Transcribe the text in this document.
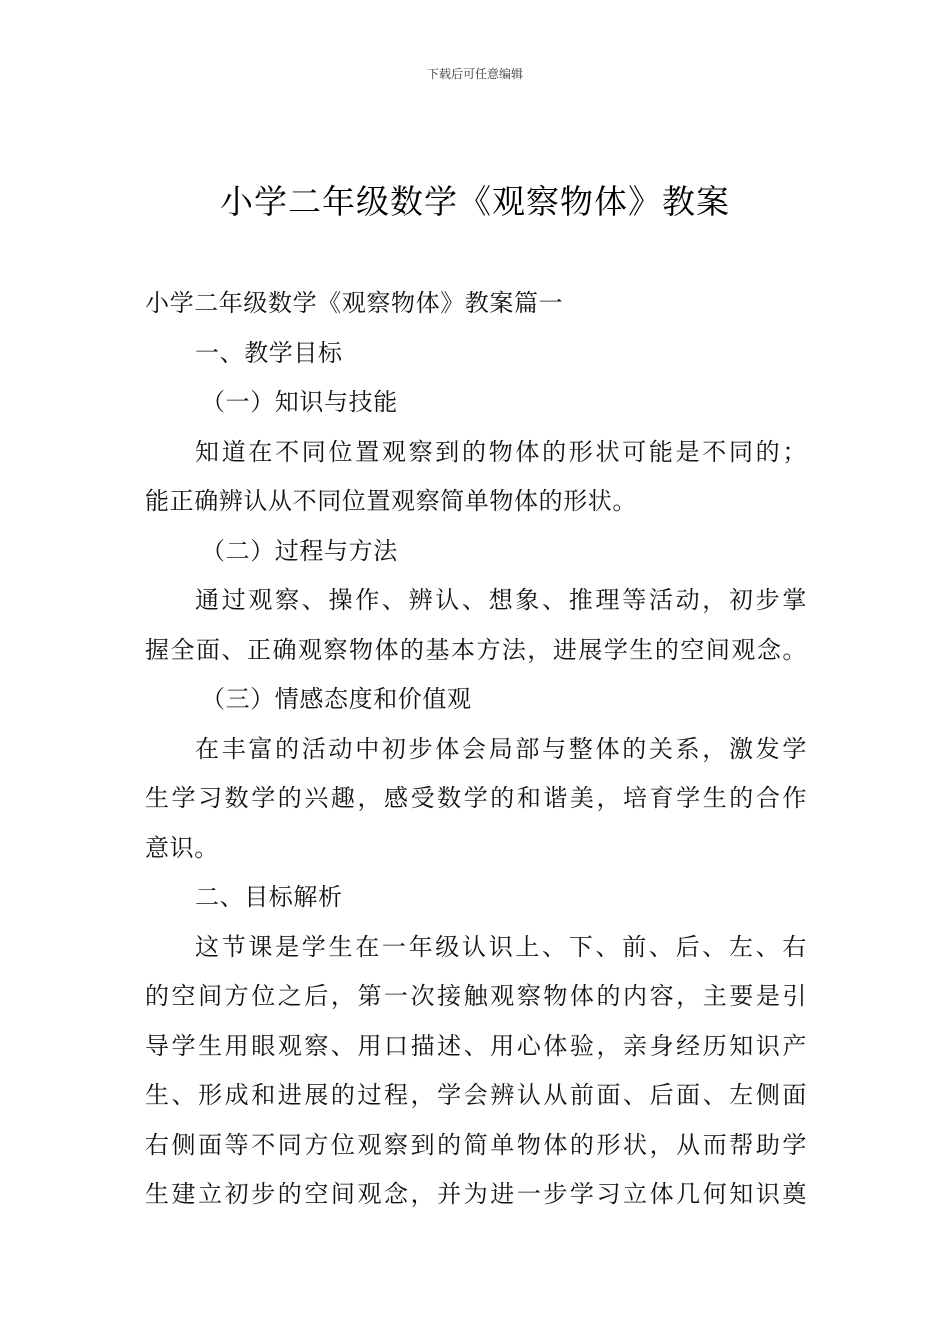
下载后可任意编辑
小学二年级数学《观察物体》教案
小学二年级数学《观察物体》教案篇一
一、教学目标
（一）知识与技能
知道在不同位置观察到的物体的形状可能是不同的；
能正确辨认从不同位置观察简单物体的形状。
（二）过程与方法
通过观察、操作、辨认、想象、推理等活动，初步掌
握全面、正确观察物体的基本方法，进展学生的空间观念。
（三）情感态度和价值观
在丰富的活动中初步体会局部与整体的关系，激发学
生学习数学的兴趣，感受数学的和谐美，培育学生的合作
意识。
二、目标解析
这节课是学生在一年级认识上、下、前、后、左、右
的空间方位之后，第一次接触观察物体的内容，主要是引
导学生用眼观察、用口描述、用心体验，亲身经历知识产
生、形成和进展的过程，学会辨认从前面、后面、左侧面
右侧面等不同方位观察到的简单物体的形状，从而帮助学
生建立初步的空间观念，并为进一步学习立体几何知识奠
